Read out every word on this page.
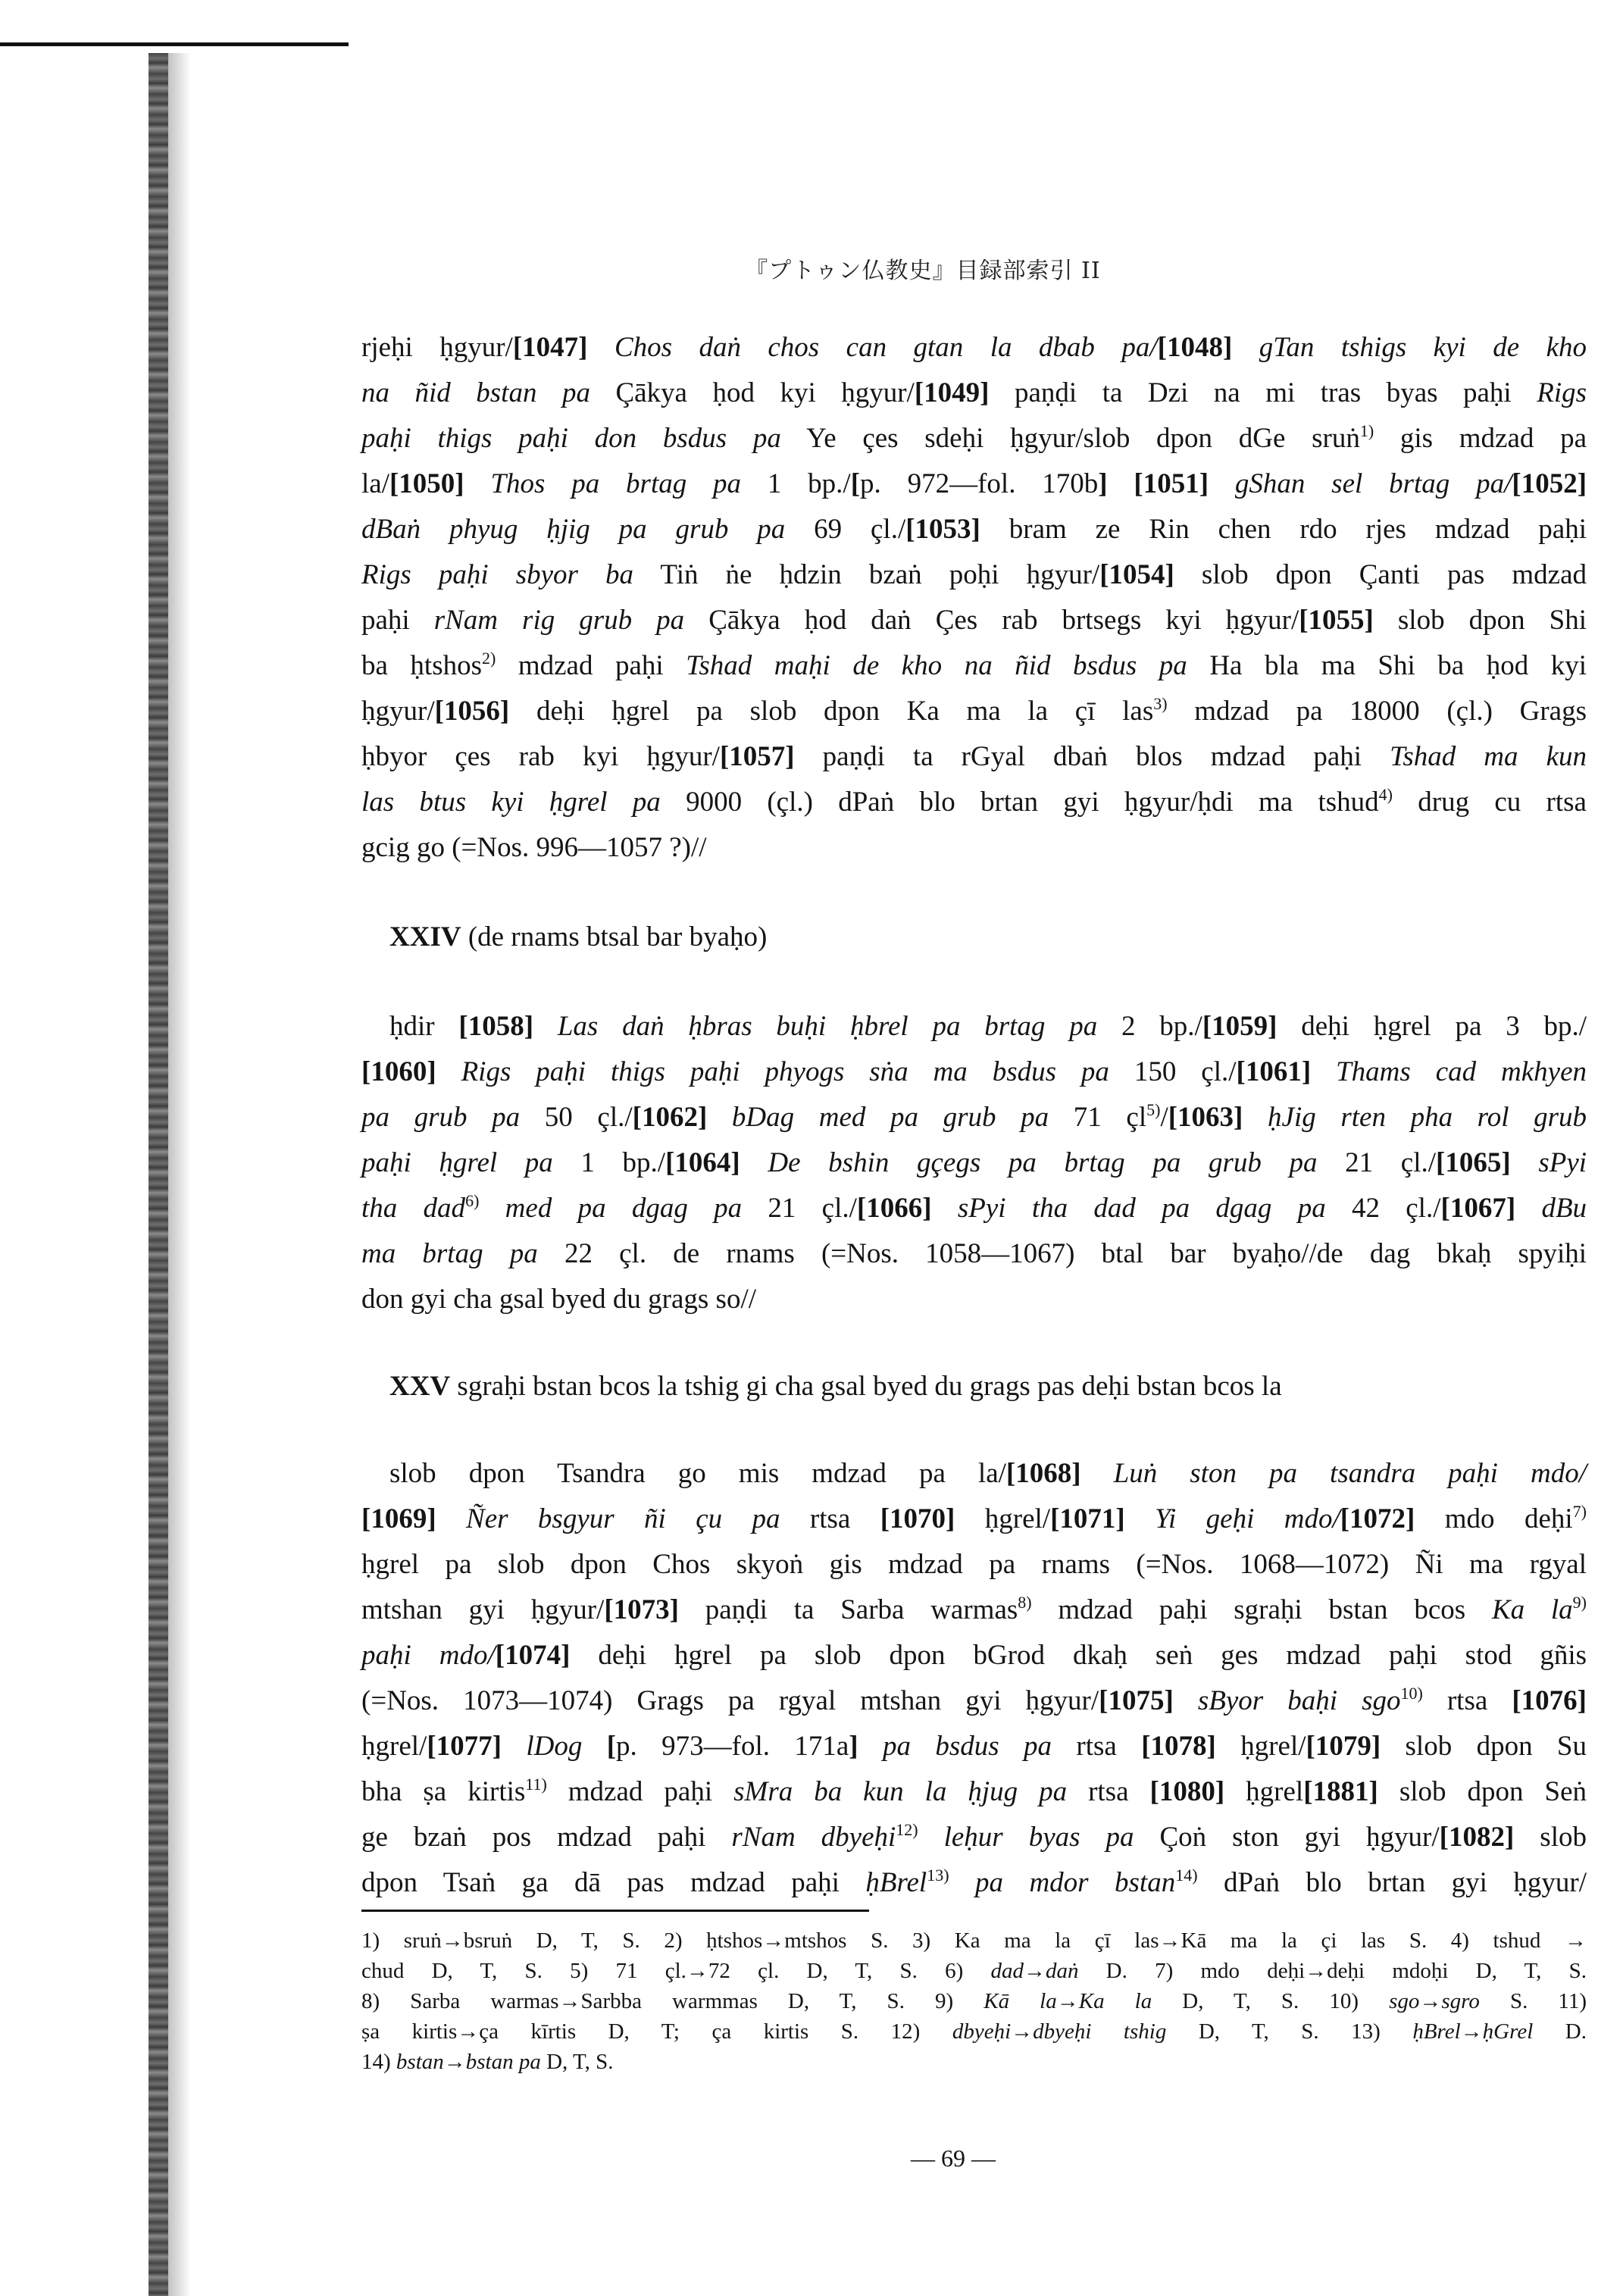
『プトゥン仏教史』目録部索引 II
rjeḥi ḥgyur/[1047] Chos daṅ chos can gtan la dbab pa/[1048] gTan tshigs kyi de kho
na ñid bstan pa Çākya ḥod kyi ḥgyur/[1049] paṇḍi ta Dzi na mi tras byas paḥi Rigs
paḥi thigs paḥi don bsdus pa Ye çes sdeḥi ḥgyur/slob dpon dGe sruṅ$^{1)}$ gis mdzad pa
la/[1050] Thos pa brtag pa 1 bp./[p. 972—fol. 170b] [1051] gShan sel brtag pa/[1052]
dBaṅ phyug ḥjig pa grub pa 69 çl./[1053] bram ze Rin chen rdo rjes mdzad paḥi
Rigs paḥi sbyor ba Tiṅ ṅe ḥdzin bzaṅ poḥi ḥgyur/[1054] slob dpon Çanti pas mdzad
paḥi rNam rig grub pa Çākya ḥod daṅ Çes rab brtsegs kyi ḥgyur/[1055] slob dpon Shi
ba ḥtshos$^{2)}$ mdzad paḥi Tshad maḥi de kho na ñid bsdus pa Ha bla ma Shi ba ḥod kyi
ḥgyur/[1056] deḥi ḥgrel pa slob dpon Ka ma la çī las$^{3)}$ mdzad pa 18000 (çl.) Grags
ḥbyor çes rab kyi ḥgyur/[1057] paṇḍi ta rGyal dbaṅ blos mdzad paḥi Tshad ma kun
las btus kyi ḥgrel pa 9000 (çl.) dPaṅ blo brtan gyi ḥgyur/ḥdi ma tshud$^{4)}$ drug cu rtsa
gcig go (=Nos. 996—1057 ?)//
XXIV (de rnams btsal bar byaḥo)
ḥdir [1058] Las daṅ ḥbras buḥi ḥbrel pa brtag pa 2 bp./[1059] deḥi ḥgrel pa 3 bp./
[1060] Rigs paḥi thigs paḥi phyogs sṅa ma bsdus pa 150 çl./[1061] Thams cad mkhyen
pa grub pa 50 çl./[1062] bDag med pa grub pa 71 $çl^{5)}/[1063]$ ḥJig rten pha rol grub
paḥi ḥgrel pa 1 bp./[1064] De bshin gçegs pa brtag pa grub pa 21 çl./[1065] sPyi
tha dad$^{6)}$ med pa dgag pa 21 çl./[1066] sPyi tha dad pa dgag pa 42 çl./[1067] dBu
ma brtag pa 22 çl. de rnams (=Nos. 1058—1067) btal bar byaḥo//de dag bkaḥ spyiḥi
don gyi cha gsal byed du grags so//
XXV sgraḥi bstan bcos la tshig gi cha gsal byed du grags pas deḥi bstan bcos la
slob dpon Tsandra go mis mdzad pa la/[1068] Luṅ ston pa tsandra paḥi mdo/
[1069] Ñer bsgyur ñi çu pa rtsa [1070] ḥgrel/[1071] Yi geḥi mdo/[1072] mdo deḥi$^{7)}$
ḥgrel pa slob dpon Chos skyoṅ gis mdzad pa rnams (=Nos. 1068—1072) Ñi ma rgyal
mtshan gyi ḥgyur/[1073] paṇḍi ta Sarba warmas$^{8)}$ mdzad paḥi sgraḥi bstan bcos Ka $la^{9)}$
paḥi mdo/[1074] deḥi ḥgrel pa slob dpon bGrod dkaḥ seṅ ges mdzad paḥi stod gñis
(=Nos. 1073—1074) Grags pa rgyal mtshan gyi ḥgyur/[1075] sByor baḥi sgo$^{10)}$ rtsa [1076]
ḥgrel/[1077] lDog [p. 973—fol. 171a] pa bsdus pa rtsa [1078] ḥgrel/[1079] slob dpon Su
bha ṣa kirtis$^{11)}$ mdzad paḥi sMra ba kun la ḥjug pa rtsa [1080] ḥgrel[1881] slob dpon Seṅ
ge bzaṅ pos mdzad paḥi rNam dbyeḥi$^{12)}$ leḥur byas pa Çoṅ ston gyi ḥgyur/[1082] slob
dpon Tsaṅ ga dā pas mdzad paḥi ḥBrel$^{13)}$ pa mdor bstan$^{14)}$ dPaṅ blo brtan gyi ḥgyur/
1) sruṅ→bsruṅ D, T, S. 2) ḥtshos→mtshos S. 3) Ka ma la çī las→Kā ma la çi las S. 4) tshud →
chud D, T, S. 5) 71 çl.→72 çl. D, T, S. 6) dad→daṅ D. 7) mdo deḥi→deḥi mdoḥi D, T, S.
8) Sarba warmas→Sarbba warmmas D, T, S. 9) Kā la→Ka la D, T, S. 10) sgo→sgro S. 11)
ṣa kirtis→ça kīrtis D, T; ça kirtis S. 12) dbyeḥi→dbyeḥi tshig D, T, S. 13) ḥBrel→ḥGrel D.
14) bstan→bstan pa D, T, S.
— 69 —
